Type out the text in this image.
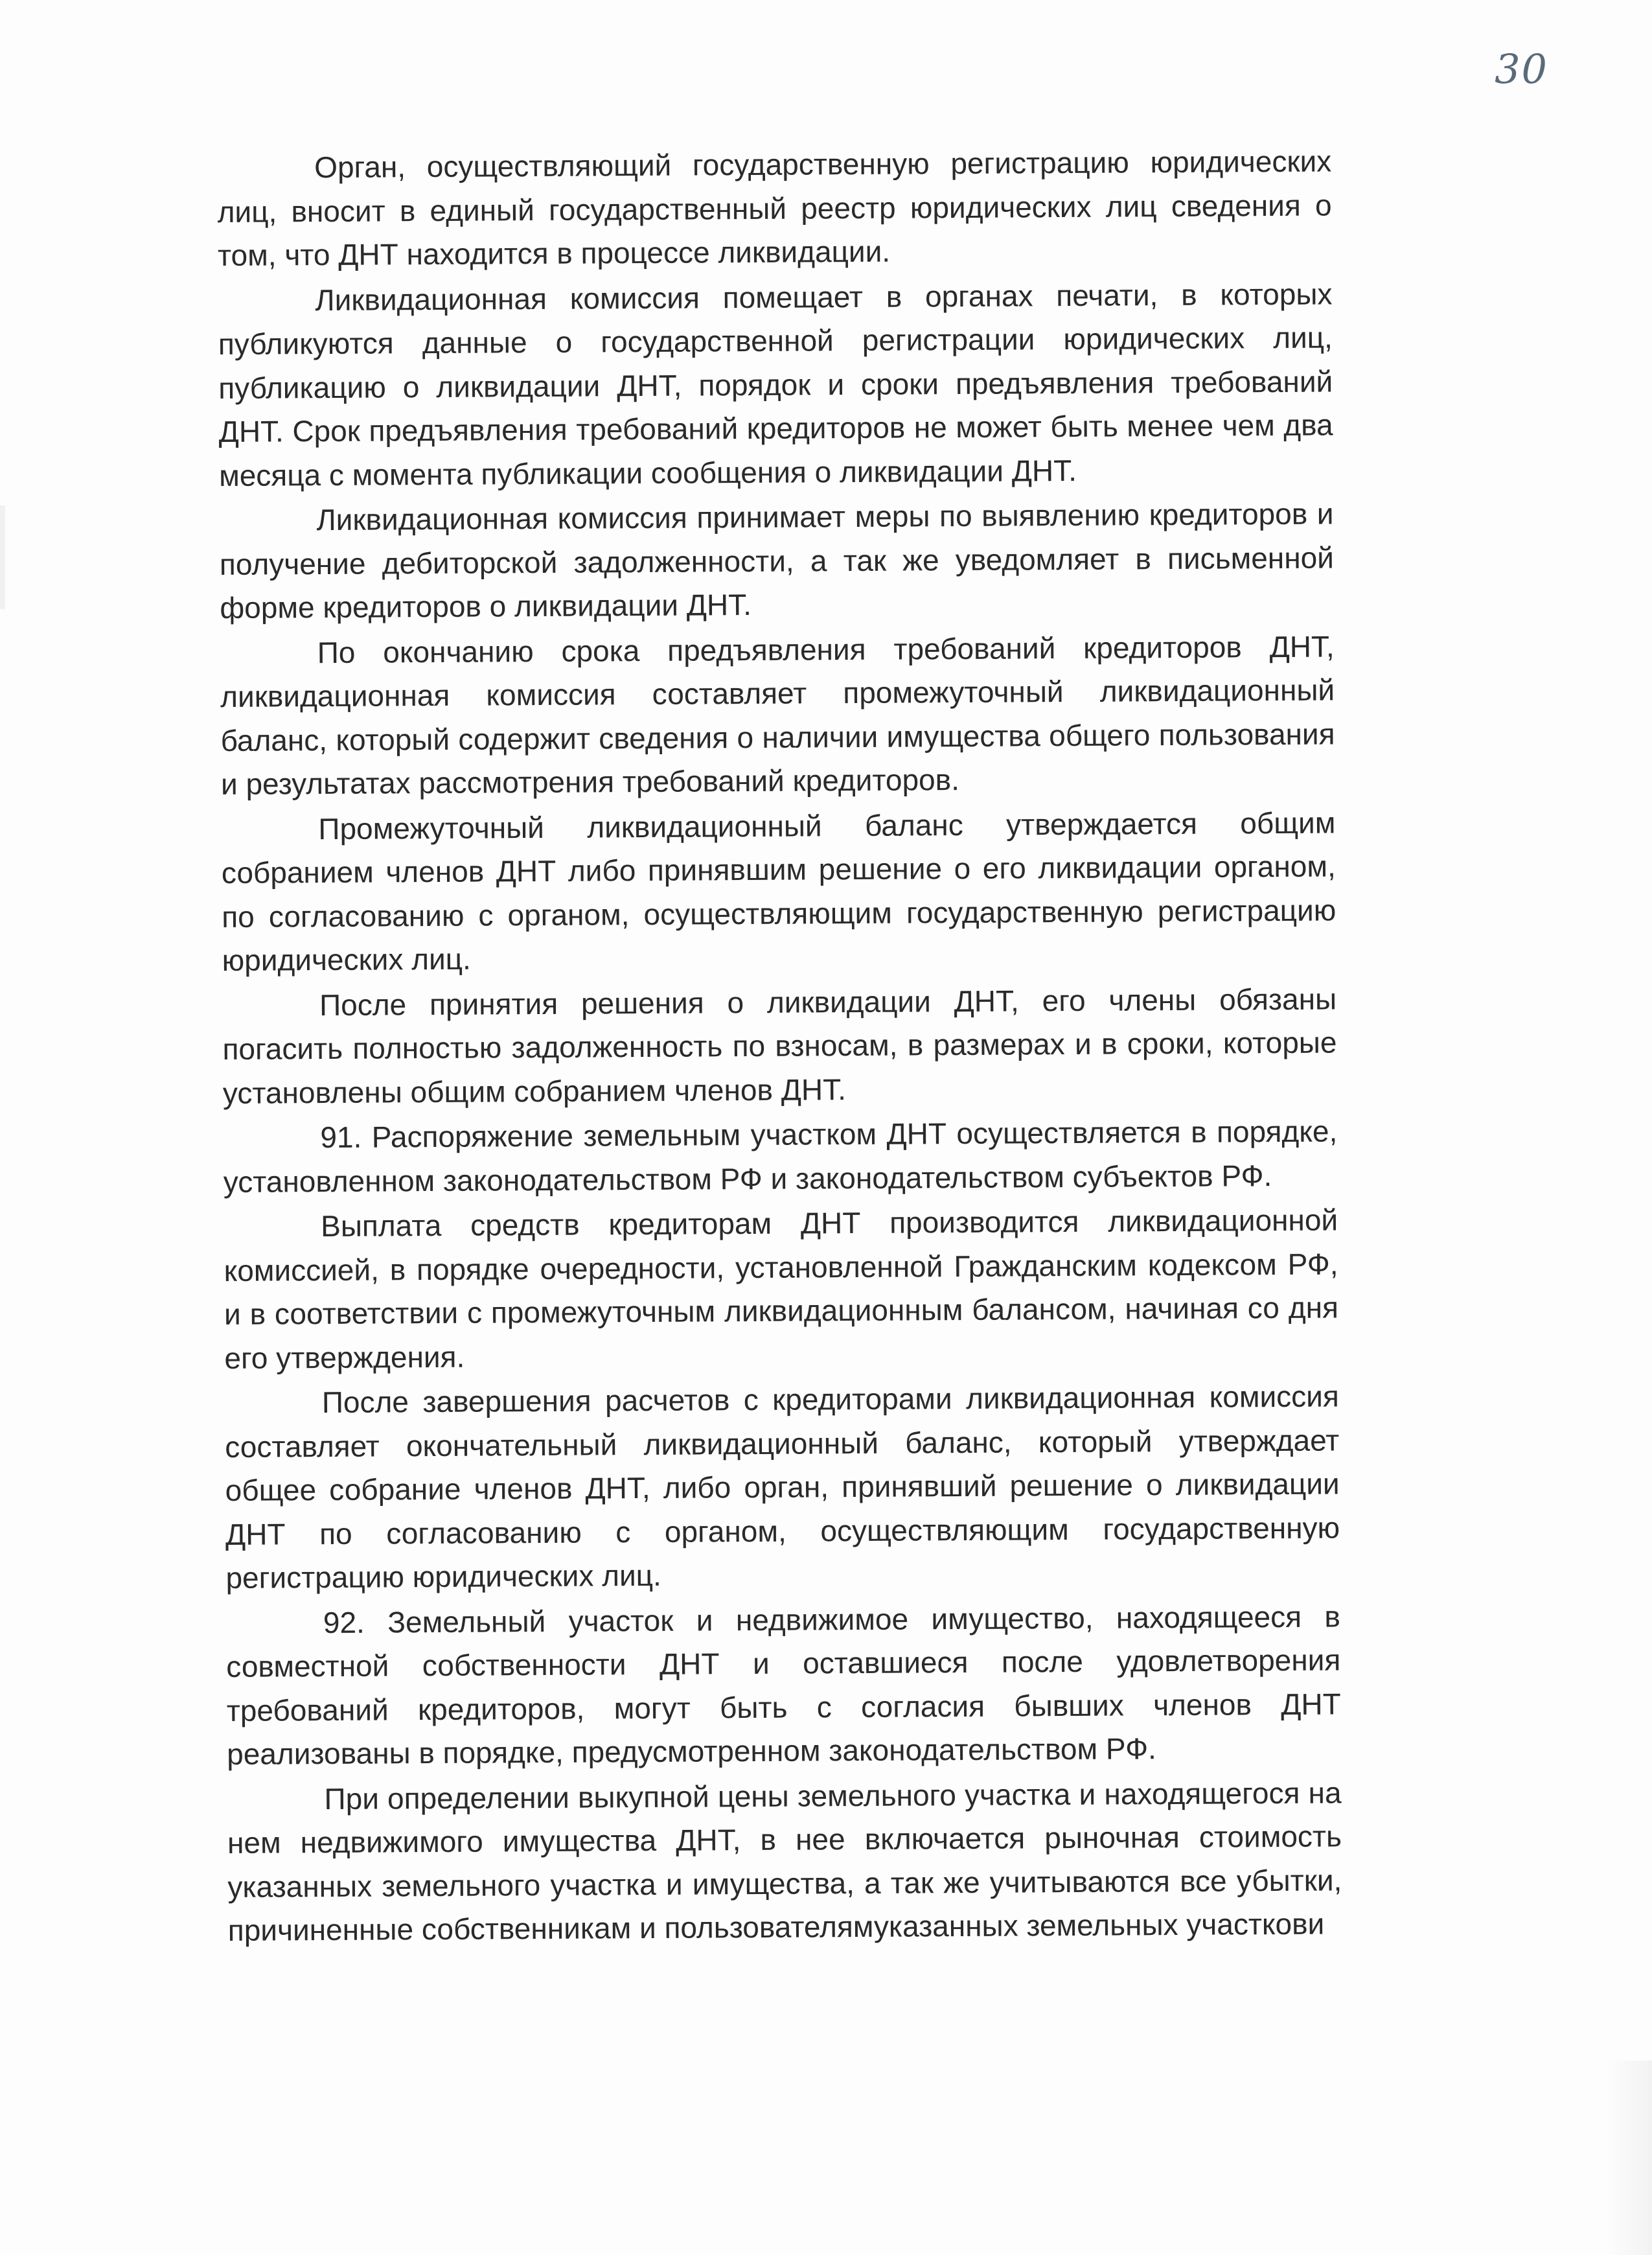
30

Орган, осуществляющий государственную регистрацию юридических лиц, вносит в единый государственный реестр юридических лиц сведения о том, что ДНТ находится в процессе ликвидации.

Ликвидационная комиссия помещает в органах печати, в которых публикуются данные о государственной регистрации юридических лиц, публикацию о ликвидации ДНТ, порядок и сроки предъявления требований ДНТ. Срок предъявления требований кредиторов не может быть менее чем два месяца с момента публикации сообщения о ликвидации ДНТ.

Ликвидационная комиссия принимает меры по выявлению кредиторов и получение дебиторской задолженности, а так же уведомляет в письменной форме кредиторов о ликвидации ДНТ.

По окончанию срока предъявления требований кредиторов ДНТ, ликвидационная комиссия составляет промежуточный ликвидационный баланс, который содержит сведения о наличии имущества общего пользования и результатах рассмотрения требований кредиторов.

Промежуточный ликвидационный баланс утверждается общим собранием членов ДНТ либо принявшим решение о его ликвидации органом, по согласованию с органом, осуществляющим государственную регистрацию юридических лиц.

После принятия решения о ликвидации ДНТ, его члены обязаны погасить полностью задолженность по взносам, в размерах и в сроки, которые установлены общим собранием членов ДНТ.

91. Распоряжение земельным участком ДНТ осуществляется в порядке, установленном законодательством РФ и законодательством субъектов РФ.

Выплата средств кредиторам ДНТ производится ликвидационной комиссией, в порядке очередности, установленной Гражданским кодексом РФ, и в соответствии с промежуточным ликвидационным балансом, начиная со дня его утверждения.

После завершения расчетов с кредиторами ликвидационная комиссия составляет окончательный ликвидационный баланс, который утверждает общее собрание членов ДНТ, либо орган, принявший решение о ликвидации ДНТ по согласованию с органом, осуществляющим государственную регистрацию юридических лиц.

92. Земельный участок и недвижимое имущество, находящееся в совместной собственности ДНТ и оставшиеся после удовлетворения требований кредиторов, могут быть с согласия бывших членов ДНТ реализованы в порядке, предусмотренном законодательством РФ.

При определении выкупной цены земельного участка и находящегося на нем недвижимого имущества ДНТ, в нее включается рыночная стоимость указанных земельного участка и имущества, а так же учитываются все убытки, причиненные собственникам и пользователямуказанных земельных участкови
